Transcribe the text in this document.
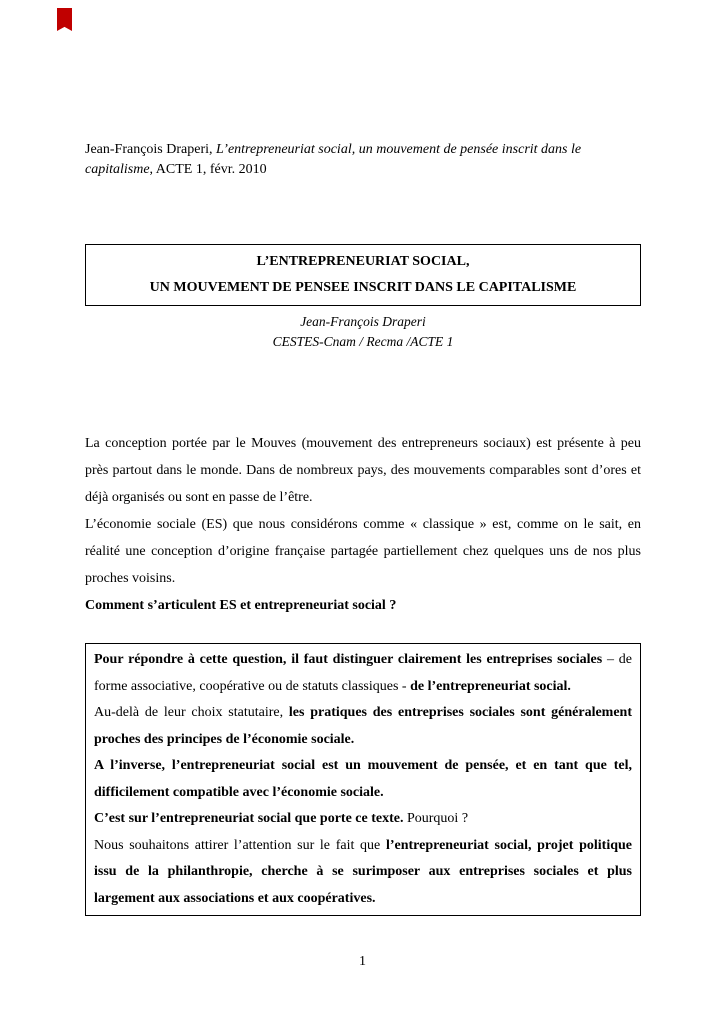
Jean-François Draperi, L’entrepreneuriat social, un mouvement de pensée inscrit dans le capitalisme, ACTE 1, févr. 2010

L’ENTREPRENEURIAT SOCIAL,
UN MOUVEMENT DE PENSEE INSCRIT DANS LE CAPITALISME
Jean-François Draperi
CESTES-Cnam / Recma /ACTE 1

La conception portée par le Mouves (mouvement des entrepreneurs sociaux) est présente à peu près partout dans le monde. Dans de nombreux pays, des mouvements comparables sont d’ores et déjà organisés ou sont en passe de l’être.

L’économie sociale (ES) que nous considérons comme « classique » est, comme on le sait, en réalité une conception d’origine française partagée partiellement chez quelques uns de nos plus proches voisins.

Comment s’articulent ES et entrepreneuriat social ?

Pour répondre à cette question, il faut distinguer clairement les entreprises sociales – de forme associative, coopérative ou de statuts classiques - de l’entrepreneuriat social.

Au-delà de leur choix statutaire, les pratiques des entreprises sociales sont généralement proches des principes de l’économie sociale.

A l’inverse, l’entrepreneuriat social est un mouvement de pensée, et en tant que tel, difficilement compatible avec l’économie sociale.

C’est sur l’entrepreneuriat social que porte ce texte. Pourquoi ?

Nous souhaitons attirer l’attention sur le fait que l’entrepreneuriat social, projet politique issu de la philanthropie, cherche à se surimposer aux entreprises sociales et plus largement aux associations et aux coopératives.

1
